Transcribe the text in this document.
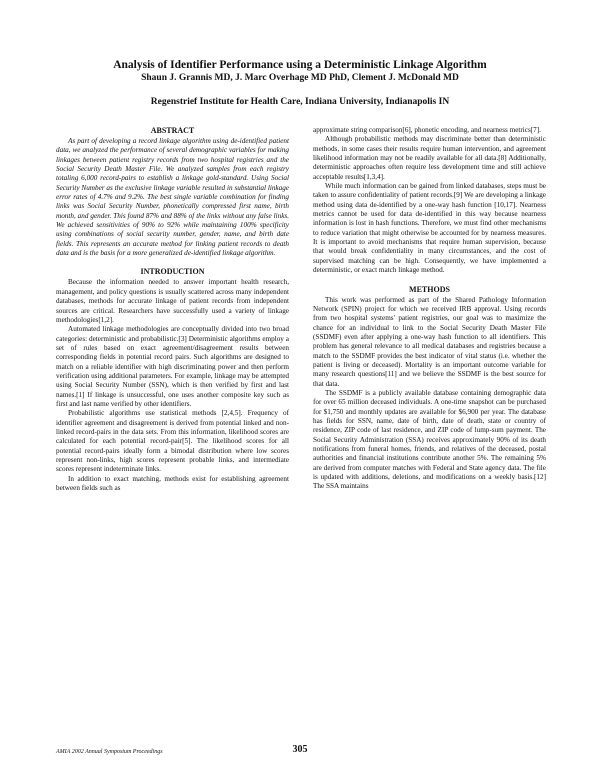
Analysis of Identifier Performance using a Deterministic Linkage Algorithm
Shaun J. Grannis MD, J. Marc Overhage MD PhD, Clement J. McDonald MD
Regenstrief Institute for Health Care, Indiana University, Indianapolis IN
ABSTRACT

As part of developing a record linkage algorithm using de-identified patient data, we analyzed the performance of several demographic variables for making linkages between patient registry records from two hospital registries and the Social Security Death Master File. We analyzed samples from each registry totaling 6,000 record-pairs to establish a linkage gold-standard. Using Social Security Number as the exclusive linkage variable resulted in substantial linkage error rates of 4.7% and 9.2%. The best single variable combination for finding links was Social Security Number, phonetically compressed first name, birth month, and gender. This found 87% and 88% of the links without any false links. We achieved sensitivities of 90% to 92% while maintaining 100% specificity using combinations of social security number, gender, name, and birth date fields. This represents an accurate method for linking patient records to death data and is the basis for a more generalized de-identified linkage algorithm.

INTRODUCTION

Because the information needed to answer important health research, management, and policy questions is usually scattered across many independent databases, methods for accurate linkage of patient records from independent sources are critical. Researchers have successfully used a variety of linkage methodologies[1,2].

Automated linkage methodologies are conceptually divided into two broad categories: deterministic and probabilistic.[3] Deterministic algorithms employ a set of rules based on exact agreement/disagreement results between corresponding fields in potential record pairs. Such algorithms are designed to match on a reliable identifier with high discriminating power and then perform verification using additional parameters. For example, linkage may be attempted using Social Security Number (SSN), which is then verified by first and last names.[1] If linkage is unsuccessful, one uses another composite key such as first and last name verified by other identifiers.

Probabilistic algorithms use statistical methods [2,4,5]. Frequency of identifier agreement and disagreement is derived from potential linked and non-linked record-pairs in the data sets. From this information, likelihood scores are calculated for each potential record-pair[5]. The likelihood scores for all potential record-pairs ideally form a bimodal distribution where low scores represent non-links, high scores represent probable links, and intermediate scores represent indeterminate links.

In addition to exact matching, methods exist for establishing agreement between fields such as

approximate string comparison[6], phonetic encoding, and nearness metrics[7].

Although probabilistic methods may discriminate better than deterministic methods, in some cases their results require human intervention, and agreement likelihood information may not be readily available for all data.[8] Additionally, deterministic approaches often require less development time and still achieve acceptable results[1,3,4].

While much information can be gained from linked databases, steps must be taken to assure confidentiality of patient records.[9] We are developing a linkage method using data de-identified by a one-way hash function [10,17]. Nearness metrics cannot be used for data de-identified in this way because nearness information is lost in hash functions. Therefore, we must find other mechanisms to reduce variation that might otherwise be accounted for by nearness measures. It is important to avoid mechanisms that require human supervision, because that would break confidentiality in many circumstances, and the cost of supervised matching can be high. Consequently, we have implemented a deterministic, or exact match linkage method.

METHODS

This work was performed as part of the Shared Pathology Information Network (SPIN) project for which we received IRB approval. Using records from two hospital systems' patient registries, our goal was to maximize the chance for an individual to link to the Social Security Death Master File (SSDMF) even after applying a one-way hash function to all identifiers. This problem has general relevance to all medical databases and registries because a match to the SSDMF provides the best indicator of vital status (i.e. whether the patient is living or deceased). Mortality is an important outcome variable for many research questions[11] and we believe the SSDMF is the best source for that data.

The SSDMF is a publicly available database containing demographic data for over 65 million deceased individuals. A one-time snapshot can be purchased for $1,750 and monthly updates are available for $6,900 per year. The database has fields for SSN, name, date of birth, date of death, state or country of residence, ZIP code of last residence, and ZIP code of lump-sum payment. The Social Security Administration (SSA) receives approximately 90% of its death notifications from funeral homes, friends, and relatives of the deceased, postal authorities and financial institutions contribute another 5%. The remaining 5% are derived from computer matches with Federal and State agency data. The file is updated with additions, deletions, and modifications on a weekly basis.[12] The SSA maintains

AMIA 2002 Annual Symposium Proceedings	305
